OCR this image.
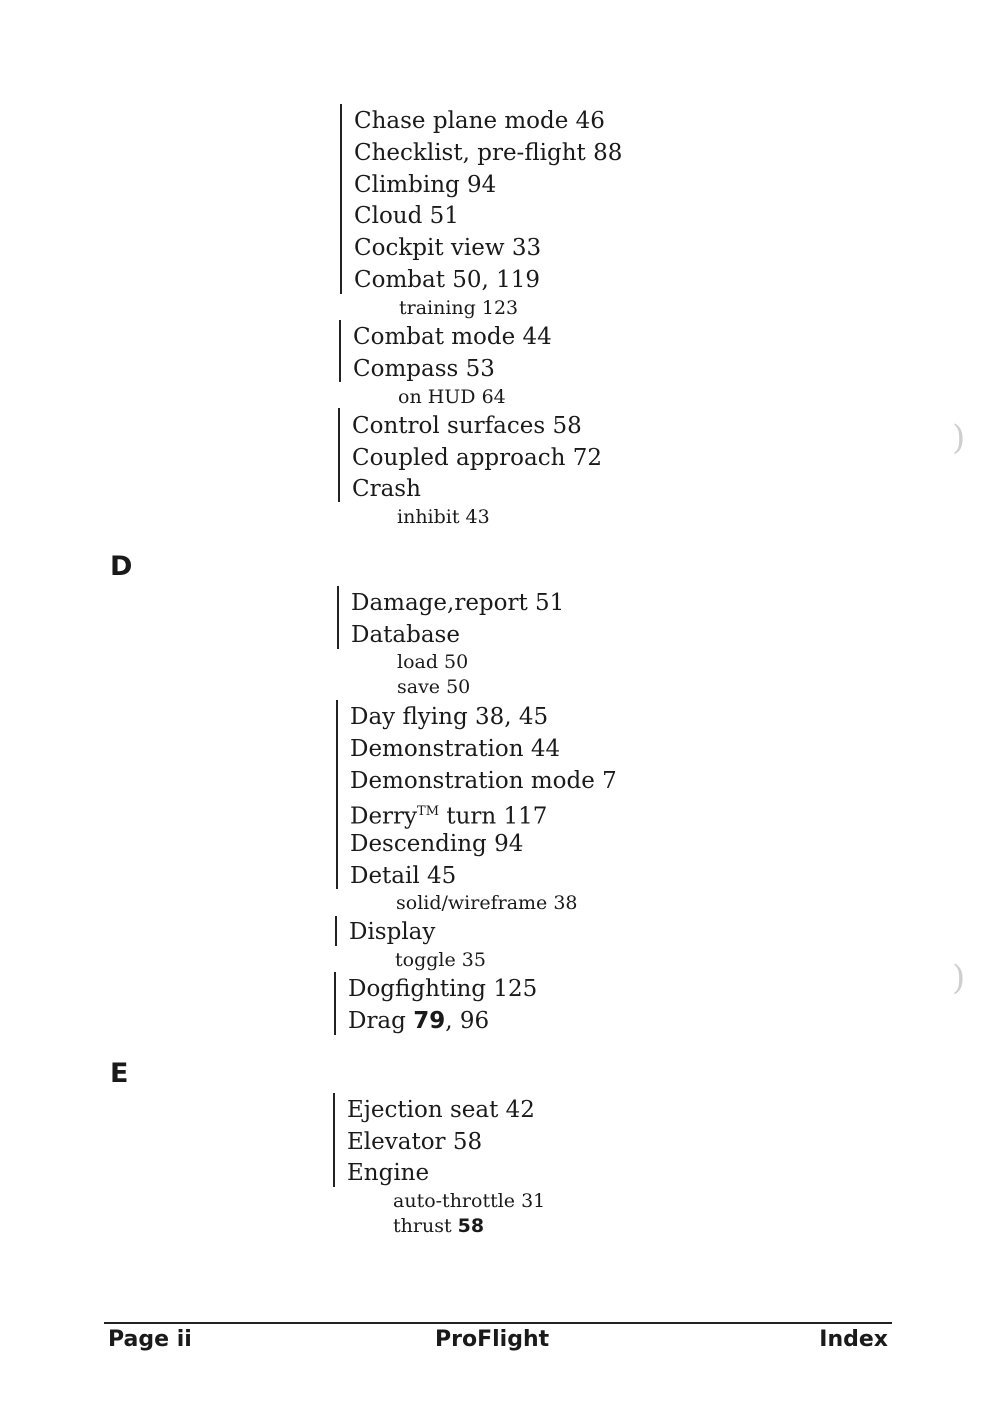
Chase plane mode 46
Checklist, pre-flight 88
Climbing 94
Cloud 51
Cockpit view 33
Combat 50, 119
training 123
Combat mode 44
Compass 53
on HUD 64
Control surfaces 58
Coupled approach 72
Crash
inhibit 43
D
Damage,report 51
Database
load 50
save 50
Day flying 38, 45
Demonstration 44
Demonstration mode 7
Derry™ turn 117
Descending 94
Detail 45
solid/wireframe 38
Display
toggle 35
Dogfighting 125
Drag 79, 96
E
Ejection seat 42
Elevator 58
Engine
auto-throttle 31
thrust 58
)
)
Page ii	ProFlight	Index
